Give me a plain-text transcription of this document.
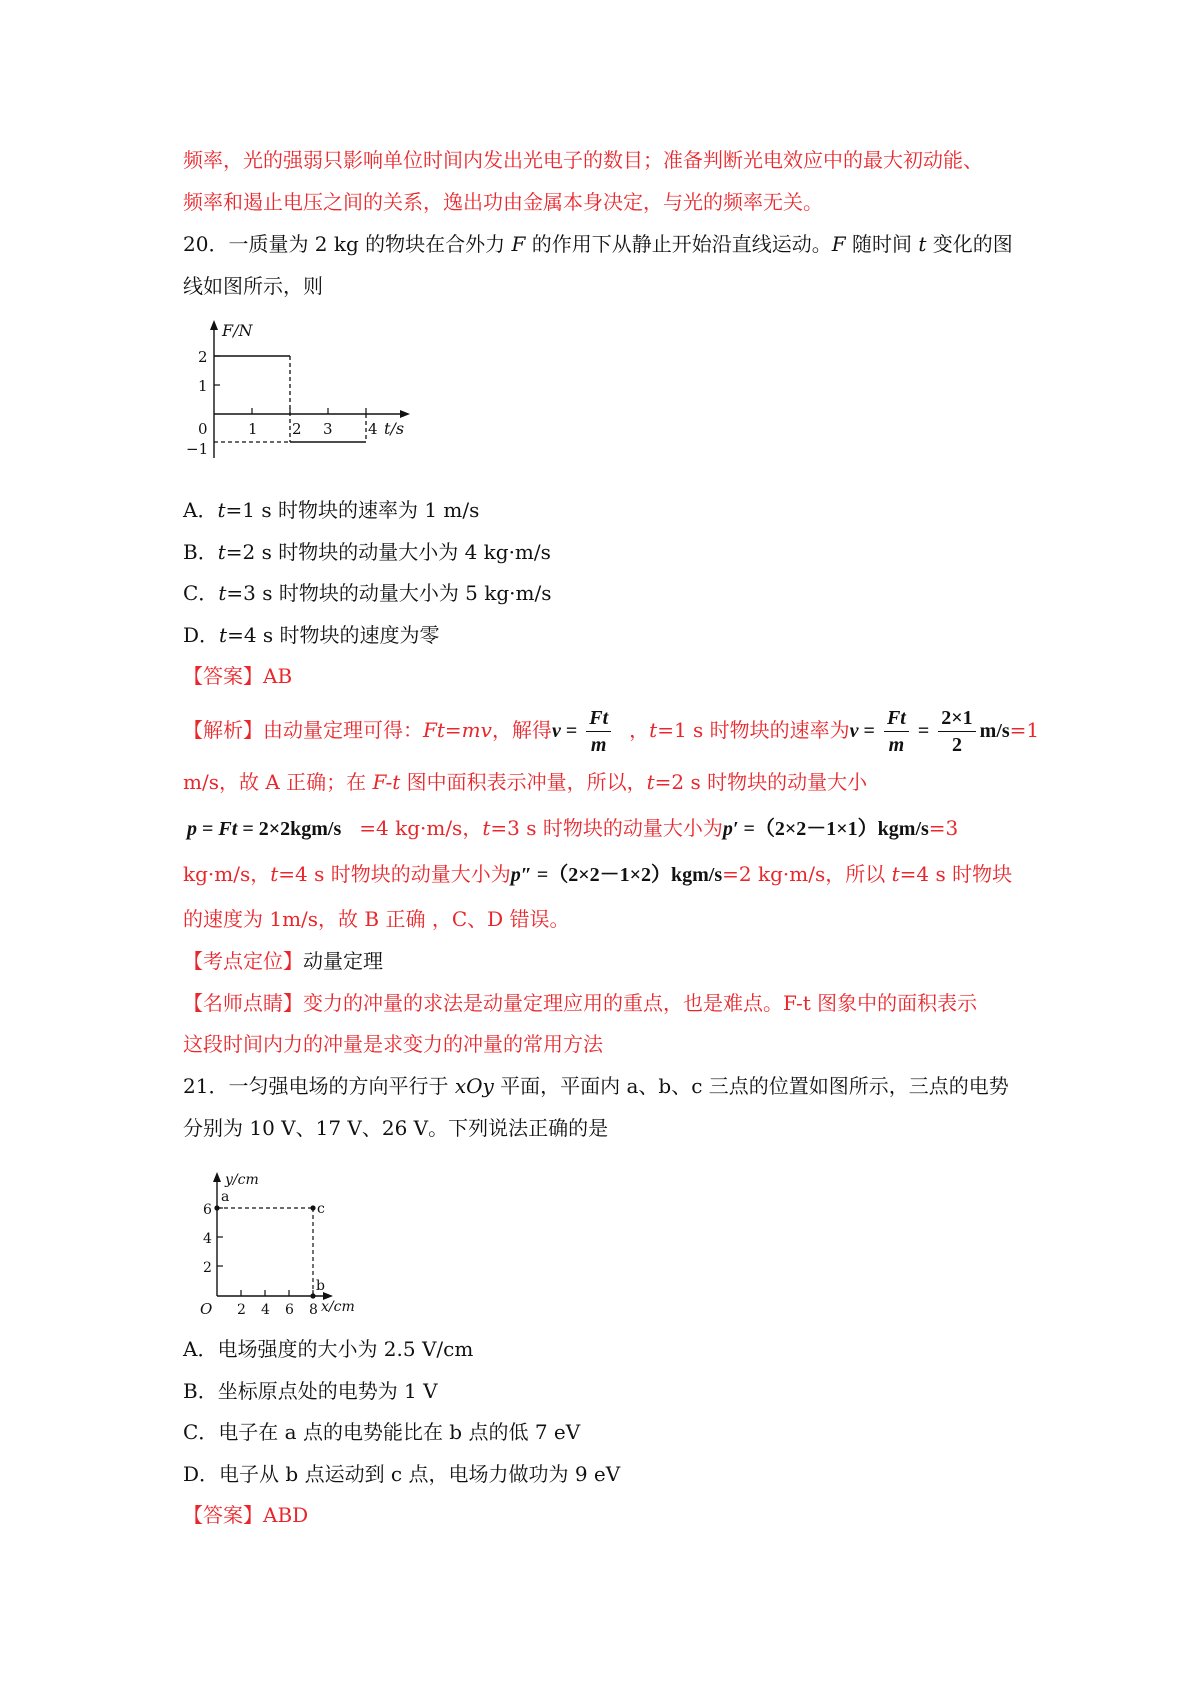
频率，光的强弱只影响单位时间内发出光电子的数目；准备判断光电效应中的最大初动能、
频率和遏止电压之间的关系，逸出功由金属本身决定，与光的频率无关。
20．一质量为 2 kg 的物块在合外力 F 的作用下从静止开始沿直线运动。F 随时间 t 变化的图
线如图所示，则
F/N
2
1
0
−1
1 2 3 4 t/s
A．t=1 s 时物块的速率为 1 m/s
B．t=2 s 时物块的动量大小为 4 kg·m/s
C．t=3 s 时物块的动量大小为 5 kg·m/s
D．t=4 s 时物块的速度为零
【答案】AB
【解析】由动量定理可得：Ft=mv，解得$v = \frac{Ft}{m}$ ，t=1 s 时物块的速率为$v = \frac{Ft}{m} = \frac{2\times 1}{2} m/s=1$
m/s，故 A 正确；在 F-t 图中面积表示冲量，所以，t=2 s 时物块的动量大小
p = Ft = 2×2kgm/s =4 kg·m/s，t=3 s 时物块的动量大小为p′ =（2×2－1×1）kgm/s=3
kg·m/s，t=4 s 时物块的动量大小为p″ =（2×2－1×2）kgm/s=2 kg·m/s，所以 t=4 s 时物块
的速度为 1m/s，故 B 正确 ，C、D 错误。
【考点定位】动量定理
【名师点睛】变力的冲量的求法是动量定理应用的重点，也是难点。F-t 图象中的面积表示
这段时间内力的冲量是求变力的冲量的常用方法
21．一匀强电场的方向平行于 xOy 平面，平面内 a、b、c 三点的位置如图所示，三点的电势
分别为 10 V、17 V、26 V。下列说法正确的是
y/cm
a
c
b
6
4
2
O 2 4 6 8 x/cm
A．电场强度的大小为 2.5 V/cm
B．坐标原点处的电势为 1 V
C．电子在 a 点的电势能比在 b 点的低 7 eV
D．电子从 b 点运动到 c 点，电场力做功为 9 eV
【答案】ABD
